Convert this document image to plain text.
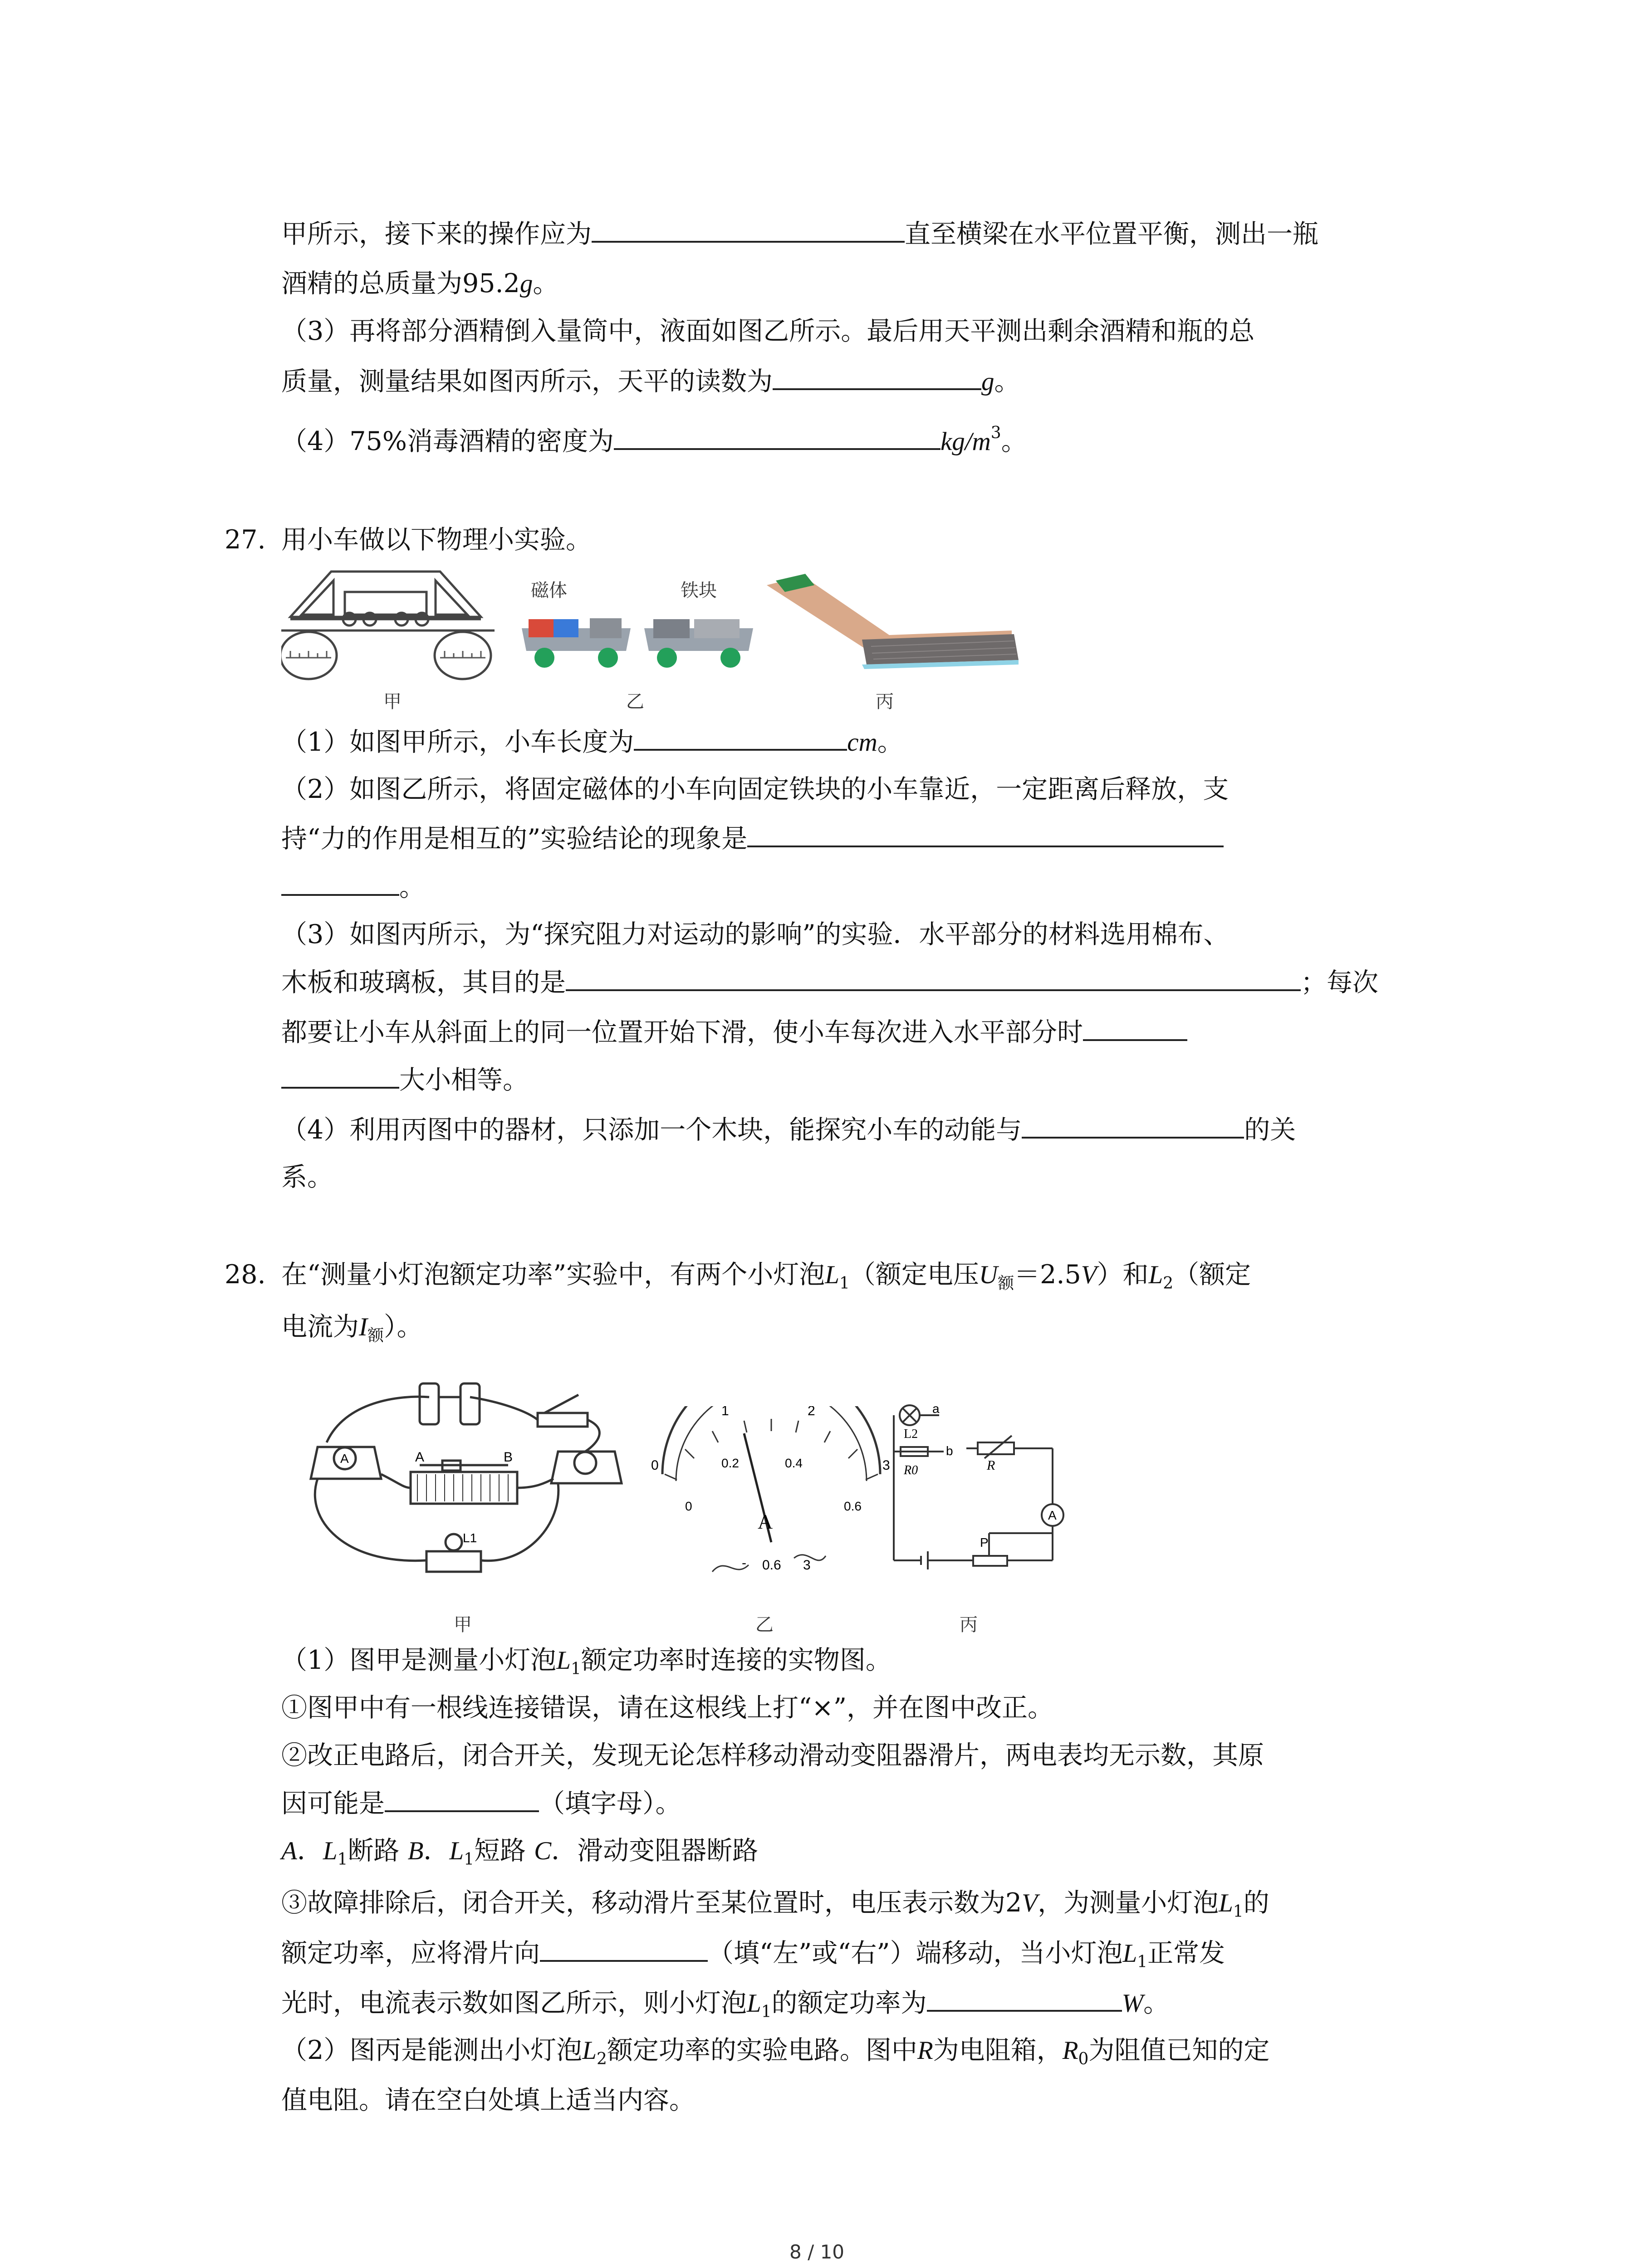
甲所示，接下来的操作应为	直至横梁在水平位置平衡，测出一瓶
酒精的总质量为95.2g。
（3）再将部分酒精倒入量筒中，液面如图乙所示。最后用天平测出剩余酒精和瓶的总
质量，测量结果如图丙所示，天平的读数为	g。
（4）75%消毒酒精的密度为	$kg/m^3$。
27. 用小车做以下物理小实验。
甲
磁体	铁块
乙	丙
（1）如图甲所示，小车长度为	cm。
（2）如图乙所示，将固定磁体的小车向固定铁块的小车靠近，一定距离后释放，支
持“力的作用是相互的”实验结论的现象是
。
（3）如图丙所示，为“探究阻力对运动的影响”的实验．水平部分的材料选用棉布、
木板和玻璃板，其目的是	；每次
都要让小车从斜面上的同一位置开始下滑，使小车每次进入水平部分时
大小相等。
（4）利用丙图中的器材，只添加一个木块，能探究小车的动能与	的关
系。
28. 在“测量小灯泡额定功率”实验中，有两个小灯泡$L_1$（额定电压$U_额=2.5V$）和$L_2$（额定
电流为$I_额$）。
A	A	B
L1
甲
0
1	2
3
0
0.2	0.4
0.6
A
- 0.6 3
乙
a
b
L2
R0	R
A
P
丙
（1）图甲是测量小灯泡$L_1$额定功率时连接的实物图。
①图甲中有一根线连接错误，请在这根线上打“×”，并在图中改正。
②改正电路后，闭合开关，发现无论怎样移动滑动变阻器滑片，两电表均无示数，其原
因可能是	（填字母）。
A．$L_1$断路 B．$L_1$短路 C．滑动变阻器断路
③故障排除后，闭合开关，移动滑片至某位置时，电压表示数为2V，为测量小灯泡$L_1$的
额定功率，应将滑片向	（填“左”或“右”）端移动，当小灯泡$L_1$正常发
光时，电流表示数如图乙所示，则小灯泡$L_1$的额定功率为	W。
（2）图丙是能测出小灯泡$L_2$额定功率的实验电路。图中R为电阻箱，$R_0$为阻值已知的定
值电阻。请在空白处填上适当内容。
8 / 10
